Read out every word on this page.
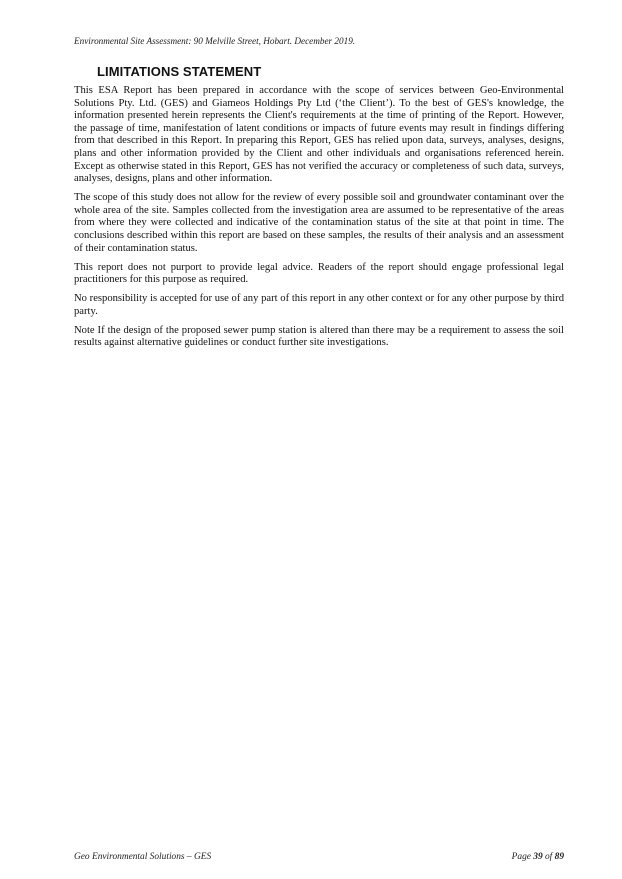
Environmental Site Assessment: 90 Melville Street, Hobart. December 2019.
LIMITATIONS STATEMENT

This ESA Report has been prepared in accordance with the scope of services between Geo-Environmental Solutions Pty. Ltd. (GES) and Giameos Holdings Pty Ltd (‘the Client’). To the best of GES's knowledge, the information presented herein represents the Client's requirements at the time of printing of the Report. However, the passage of time, manifestation of latent conditions or impacts of future events may result in findings differing from that described in this Report. In preparing this Report, GES has relied upon data, surveys, analyses, designs, plans and other information provided by the Client and other individuals and organisations referenced herein. Except as otherwise stated in this Report, GES has not verified the accuracy or completeness of such data, surveys, analyses, designs, plans and other information.

The scope of this study does not allow for the review of every possible soil and groundwater contaminant over the whole area of the site. Samples collected from the investigation area are assumed to be representative of the areas from where they were collected and indicative of the contamination status of the site at that point in time. The conclusions described within this report are based on these samples, the results of their analysis and an assessment of their contamination status.

This report does not purport to provide legal advice. Readers of the report should engage professional legal practitioners for this purpose as required.

No responsibility is accepted for use of any part of this report in any other context or for any other purpose by third party.

Note If the design of the proposed sewer pump station is altered than there may be a requirement to assess the soil results against alternative guidelines or conduct further site investigations.

Geo Environmental Solutions – GES	Page 39 of 89
